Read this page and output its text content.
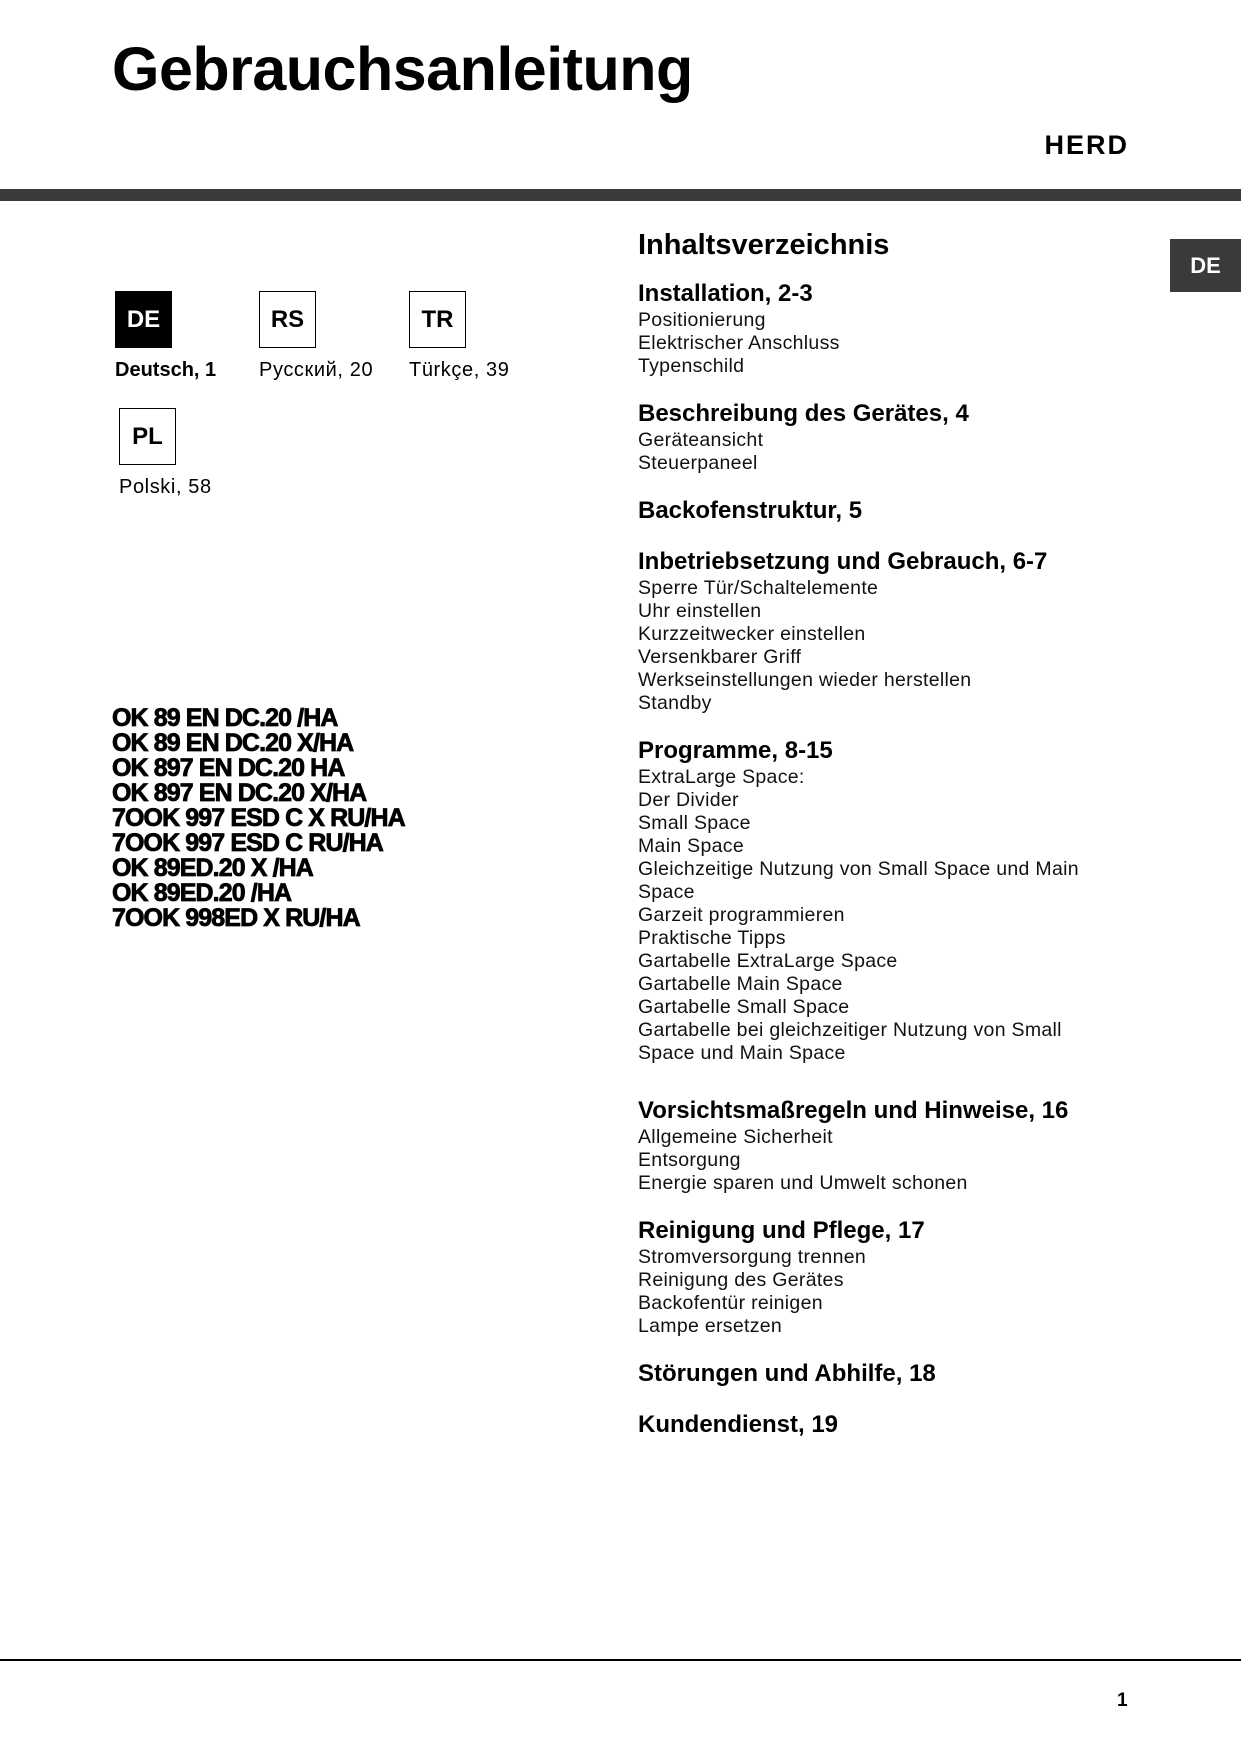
Gebrauchsanleitung
HERD
DE
DE
Deutsch, 1
RS
Русский, 20
TR
Türkçe, 39
PL
Polski, 58
OK 89 EN DC.20 /HA
OK 89 EN DC.20 X/HA
OK 897 EN DC.20 HA
OK 897 EN DC.20 X/HA
7OOK 997 ESD C X RU/HA
7OOK 997 ESD C RU/HA
OK 89ED.20 X /HA
OK 89ED.20 /HA
7OOK 998ED X RU/HA
Inhaltsverzeichnis
Installation, 2-3
Positionierung
Elektrischer Anschluss
Typenschild
Beschreibung des Gerätes, 4
Geräteansicht
Steuerpaneel
Backofenstruktur, 5
Inbetriebsetzung und Gebrauch, 6-7
Sperre Tür/Schaltelemente
Uhr einstellen
Kurzzeitwecker einstellen
Versenkbarer Griff
Werkseinstellungen wieder herstellen
Standby
Programme, 8-15
ExtraLarge Space:
Der Divider
Small Space
Main Space
Gleichzeitige Nutzung von Small Space und Main
Space
Garzeit programmieren
Praktische Tipps
Gartabelle ExtraLarge Space
Gartabelle Main Space
Gartabelle Small Space
Gartabelle bei gleichzeitiger Nutzung von Small
Space und Main Space
Vorsichtsmaßregeln und Hinweise, 16
Allgemeine Sicherheit
Entsorgung
Energie sparen und Umwelt schonen
Reinigung und Pflege, 17
Stromversorgung trennen
Reinigung des Gerätes
Backofentür reinigen
Lampe ersetzen
Störungen und Abhilfe, 18
Kundendienst, 19
1
